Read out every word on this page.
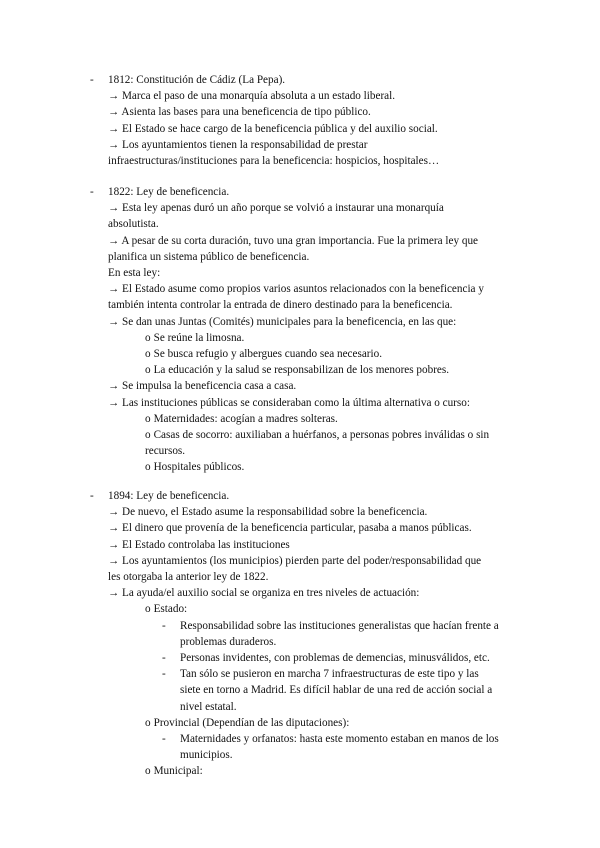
- 1812: Constitución de Cádiz (La Pepa).
→ Marca el paso de una monarquía absoluta a un estado liberal.
→ Asienta las bases para una beneficencia de tipo público.
→ El Estado se hace cargo de la beneficencia pública y del auxilio social.
→ Los ayuntamientos tienen la responsabilidad de prestar
infraestructuras/instituciones para la beneficencia: hospicios, hospitales…
- 1822: Ley de beneficencia.
→ Esta ley apenas duró un año porque se volvió a instaurar una monarquía
absolutista.
→ A pesar de su corta duración, tuvo una gran importancia. Fue la primera ley que
planifica un sistema público de beneficencia.
En esta ley:
→ El Estado asume como propios varios asuntos relacionados con la beneficencia y
también intenta controlar la entrada de dinero destinado para la beneficencia.
→ Se dan unas Juntas (Comités) municipales para la beneficencia, en las que:
o Se reúne la limosna.
o Se busca refugio y albergues cuando sea necesario.
o La educación y la salud se responsabilizan de los menores pobres.
→ Se impulsa la beneficencia casa a casa.
→ Las instituciones públicas se consideraban como la última alternativa o curso:
o Maternidades: acogían a madres solteras.
o Casas de socorro: auxiliaban a huérfanos, a personas pobres inválidas o sin
recursos.
o Hospitales públicos.
- 1894: Ley de beneficencia.
→ De nuevo, el Estado asume la responsabilidad sobre la beneficencia.
→ El dinero que provenía de la beneficencia particular, pasaba a manos públicas.
→ El Estado controlaba las instituciones
→ Los ayuntamientos (los municipios) pierden parte del poder/responsabilidad que
les otorgaba la anterior ley de 1822.
→ La ayuda/el auxilio social se organiza en tres niveles de actuación:
o Estado:
- Responsabilidad sobre las instituciones generalistas que hacían frente a
problemas duraderos.
- Personas invidentes, con problemas de demencias, minusválidos, etc.
- Tan sólo se pusieron en marcha 7 infraestructuras de este tipo y las
siete en torno a Madrid. Es difícil hablar de una red de acción social a
nivel estatal.
o Provincial (Dependían de las diputaciones):
- Maternidades y orfanatos: hasta este momento estaban en manos de los
municipios.
o Municipal:
